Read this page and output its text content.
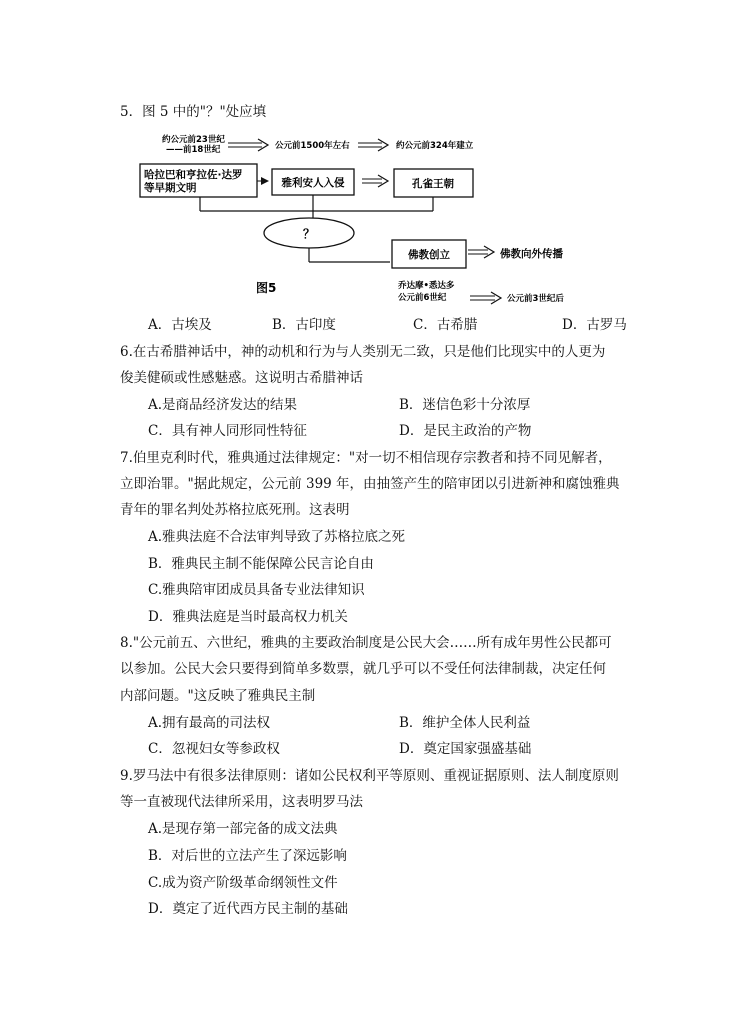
5．图 5 中的"？"处应填
约公元前23世纪
——前18世纪	公元前1500年左右	约公元前324年建立
哈拉巴和亨拉佐·达罗
等早期文明	雅利安人入侵	孔雀王朝
？
佛教创立	佛教向外传播
乔达摩•悉达多
公元前6世纪	公元前3世纪后
图5
A．古埃及	B．古印度	C．古希腊	D．古罗马
6.在古希腊神话中，神的动机和行为与人类别无二致，只是他们比现实中的人更为
俊美健硕或性感魅惑。这说明古希腊神话
A.是商品经济发达的结果	B．迷信色彩十分浓厚
C．具有神人同形同性特征	D．是民主政治的产物
7.伯里克利时代，雅典通过法律规定："对一切不相信现存宗教者和持不同见解者，
立即治罪。"据此规定，公元前 399 年，由抽签产生的陪审团以引进新神和腐蚀雅典
青年的罪名判处苏格拉底死刑。这表明
A.雅典法庭不合法审判导致了苏格拉底之死
B．雅典民主制不能保障公民言论自由
C.雅典陪审团成员具备专业法律知识
D．雅典法庭是当时最高权力机关
8."公元前五、六世纪，雅典的主要政治制度是公民大会……所有成年男性公民都可
以参加。公民大会只要得到简单多数票，就几乎可以不受任何法律制裁，决定任何
内部问题。"这反映了雅典民主制
A.拥有最高的司法权	B．维护全体人民利益
C．忽视妇女等参政权	D．奠定国家强盛基础
9.罗马法中有很多法律原则：诸如公民权利平等原则、重视证据原则、法人制度原则
等一直被现代法律所采用，这表明罗马法
A.是现存第一部完备的成文法典
B．对后世的立法产生了深远影响
C.成为资产阶级革命纲领性文件
D．奠定了近代西方民主制的基础
